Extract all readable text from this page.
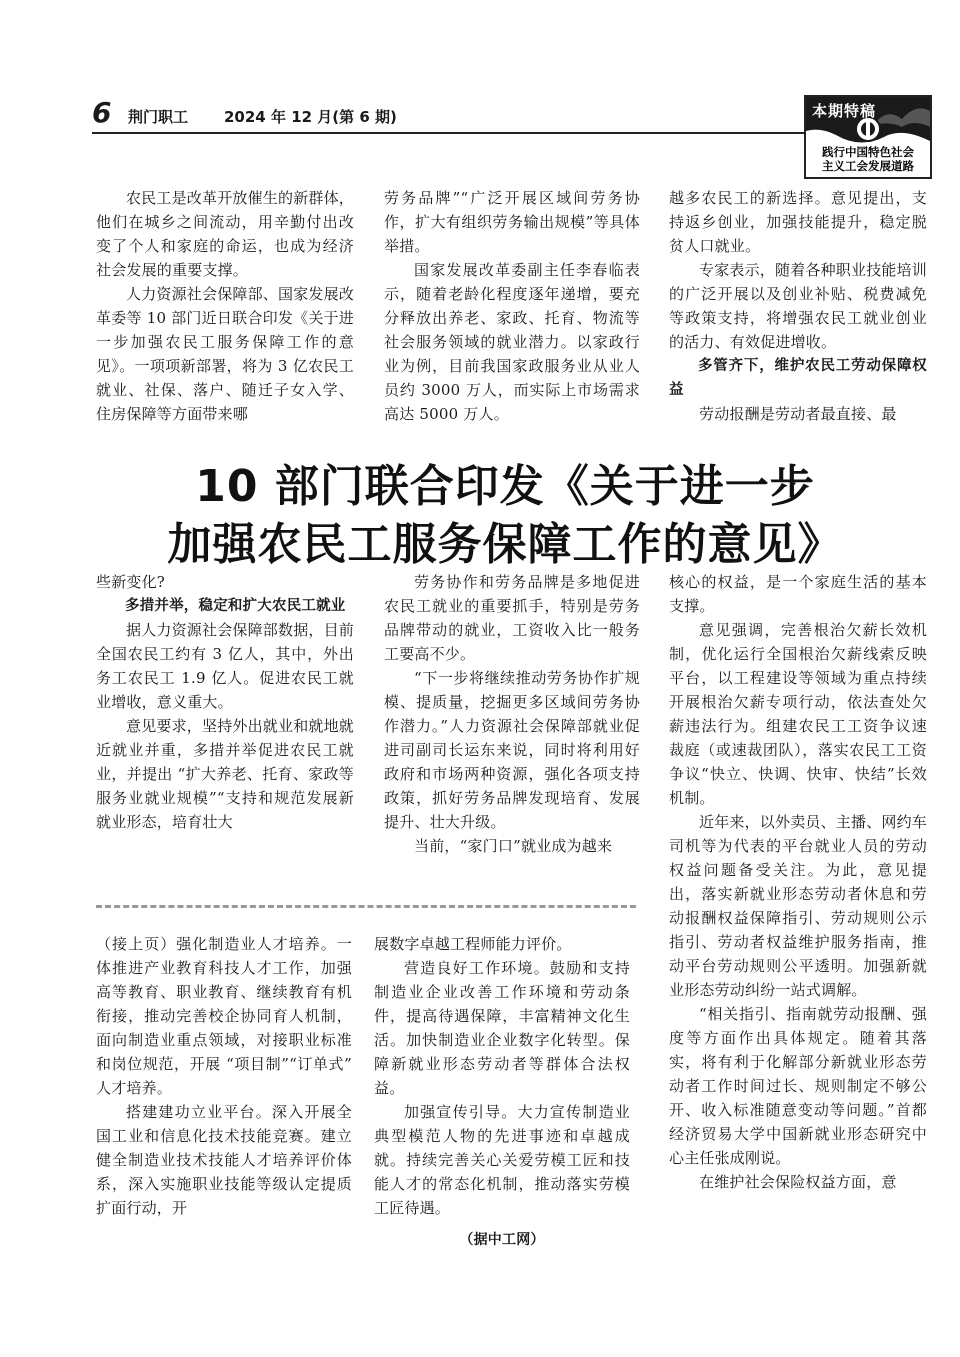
6 荆门职工 2024 年 12 月(第 6 期)	本期特稿
践行中国特色社会
主义工会发展道路

农民工是改革开放催生的新群体，他们在城乡之间流动，用辛勤付出改变了个人和家庭的命运，也成为经济社会发展的重要支撑。

人力资源社会保障部、国家发展改革委等 10 部门近日联合印发《关于进一步加强农民工服务保障工作的意见》。一项项新部署，将为 3 亿农民工就业、社保、落户、随迁子女入学、住房保障等方面带来哪

劳务品牌”“广泛开展区域间劳务协作，扩大有组织劳务输出规模”等具体举措。

国家发展改革委副主任李春临表示，随着老龄化程度逐年递增，要充分释放出养老、家政、托育、物流等社会服务领域的就业潜力。以家政行业为例，目前我国家政服务业从业人员约 3000 万人，而实际上市场需求高达 5000 万人。

越多农民工的新选择。意见提出，支持返乡创业，加强技能提升，稳定脱贫人口就业。

专家表示，随着各种职业技能培训的广泛开展以及创业补贴、税费减免等政策支持，将增强农民工就业创业的活力、有效促进增收。

多管齐下，维护农民工劳动保障权益

劳动报酬是劳动者最直接、最

10 部门联合印发《关于进一步
加强农民工服务保障工作的意见》

些新变化?

多措并举，稳定和扩大农民工就业

据人力资源社会保障部数据，目前全国农民工约有 3 亿人，其中，外出务工农民工 1.9 亿人。促进农民工就业增收，意义重大。

意见要求，坚持外出就业和就地就近就业并重，多措并举促进农民工就业，并提出 “扩大养老、托育、家政等服务业就业规模”“支持和规范发展新就业形态，培育壮大

劳务协作和劳务品牌是多地促进农民工就业的重要抓手，特别是劳务品牌带动的就业，工资收入比一般务工要高不少。

“下一步将继续推动劳务协作扩规模、提质量，挖掘更多区域间劳务协作潜力。”人力资源社会保障部就业促进司副司长运东来说，同时将利用好政府和市场两种资源，强化各项支持政策，抓好劳务品牌发现培育、发展提升、壮大升级。

当前，“家门口”就业成为越来

核心的权益，是一个家庭生活的基本支撑。

意见强调，完善根治欠薪长效机制，优化运行全国根治欠薪线索反映平台，以工程建设等领域为重点持续开展根治欠薪专项行动，依法查处欠薪违法行为。组建农民工工资争议速裁庭（或速裁团队），落实农民工工资争议“快立、快调、快审、快结”长效机制。

近年来，以外卖员、主播、网约车司机等为代表的平台就业人员的劳动权益问题备受关注。为此，意见提出，落实新就业形态劳动者休息和劳动报酬权益保障指引、劳动规则公示指引、劳动者权益维护服务指南，推动平台劳动规则公平透明。加强新就业形态劳动纠纷一站式调解。

“相关指引、指南就劳动报酬、强度等方面作出具体规定。随着其落实，将有利于化解部分新就业形态劳动者工作时间过长、规则制定不够公开、收入标准随意变动等问题。”首都经济贸易大学中国新就业形态研究中心主任张成刚说。

在维护社会保险权益方面，意

（接上页）强化制造业人才培养。一体推进产业教育科技人才工作，加强高等教育、职业教育、继续教育有机衔接，推动完善校企协同育人机制，面向制造业重点领域，对接职业标准和岗位规范，开展 “项目制”“订单式” 人才培养。

搭建建功立业平台。深入开展全国工业和信息化技术技能竞赛。建立健全制造业技术技能人才培养评价体系，深入实施职业技能等级认定提质扩面行动，开

展数字卓越工程师能力评价。

营造良好工作环境。鼓励和支持制造业企业改善工作环境和劳动条件，提高待遇保障，丰富精神文化生活。加快制造业企业数字化转型。保障新就业形态劳动者等群体合法权益。

加强宣传引导。大力宣传制造业典型模范人物的先进事迹和卓越成就。持续完善关心关爱劳模工匠和技能人才的常态化机制，推动落实劳模工匠待遇。

（据中工网）
